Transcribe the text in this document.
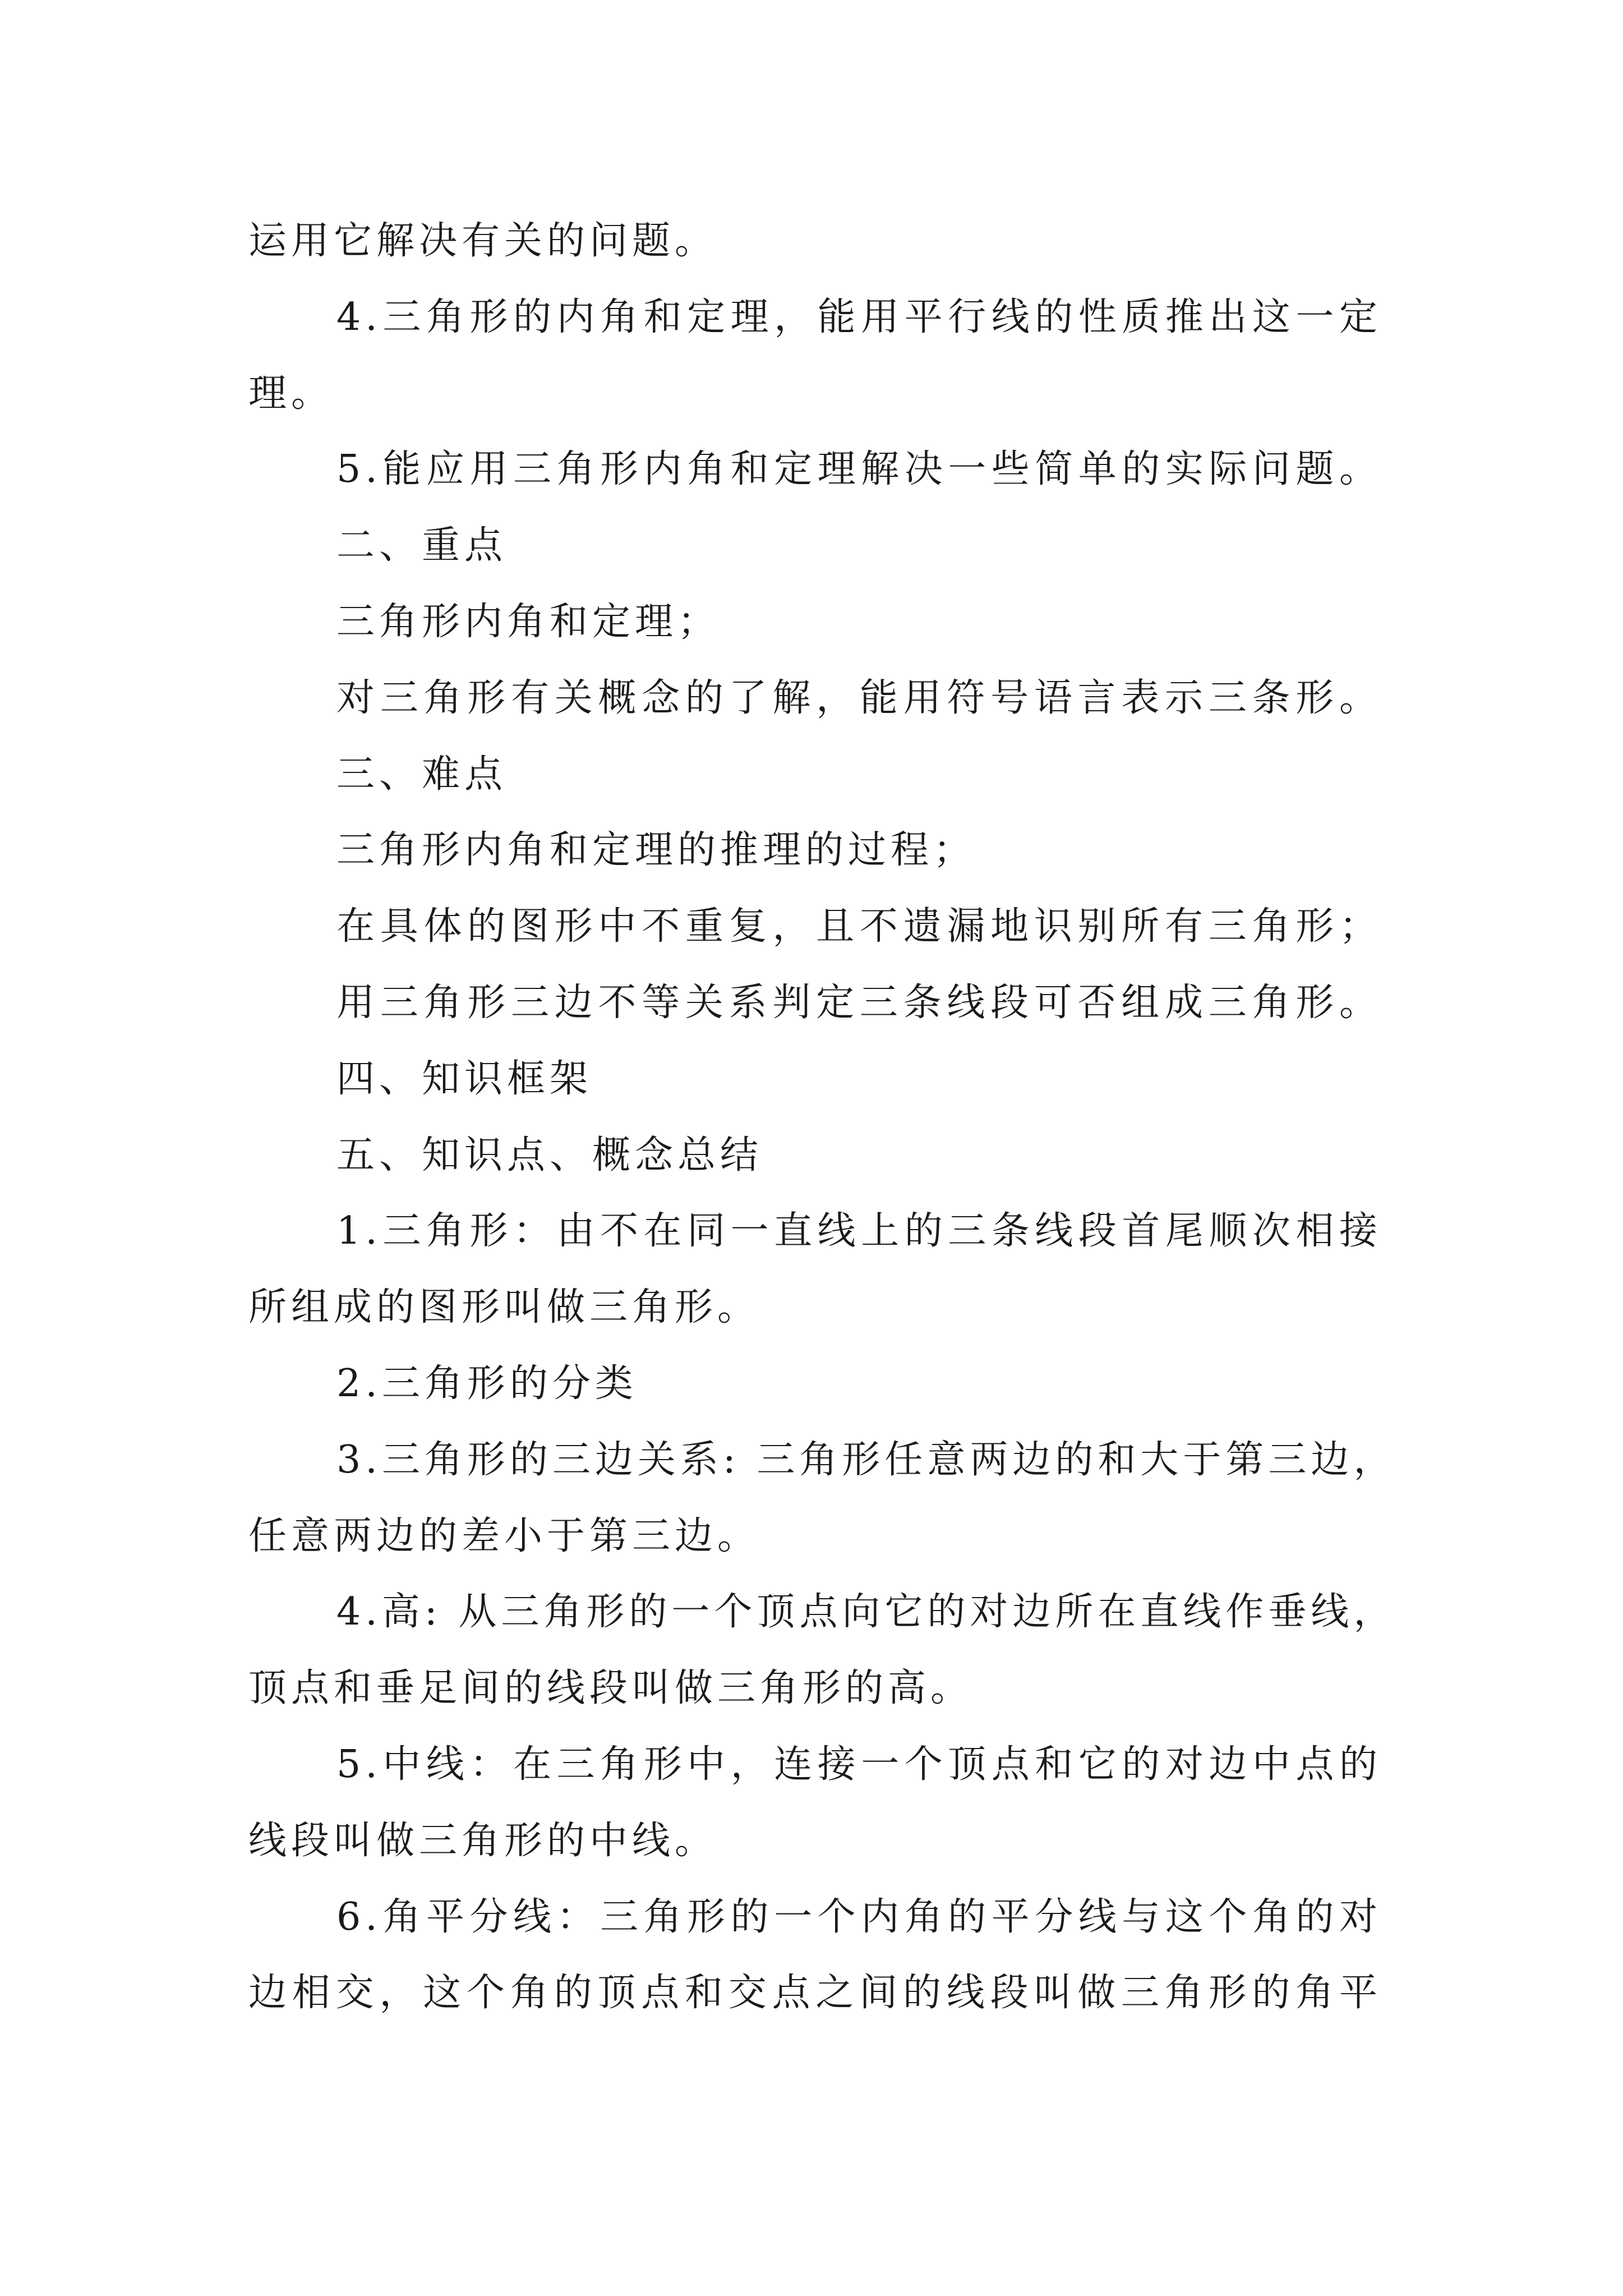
运用它解决有关的问题。
4.三角形的内角和定理，能用平行线的性质推出这一定
理。
5.能应用三角形内角和定理解决一些简单的实际问题。
二、重点
三角形内角和定理；
对三角形有关概念的了解，能用符号语言表示三条形。
三、难点
三角形内角和定理的推理的过程；
在具体的图形中不重复，且不遗漏地识别所有三角形；
用三角形三边不等关系判定三条线段可否组成三角形。
四、知识框架
五、知识点、概念总结
1.三角形：由不在同一直线上的三条线段首尾顺次相接
所组成的图形叫做三角形。
2.三角形的分类
3.三角形的三边关系: 三角形任意两边的和大于第三边，
任意两边的差小于第三边。
4.高: 从三角形的一个顶点向它的对边所在直线作垂线，
顶点和垂足间的线段叫做三角形的高。
5.中线：在三角形中，连接一个顶点和它的对边中点的
线段叫做三角形的中线。
6.角平分线：三角形的一个内角的平分线与这个角的对
边相交，这个角的顶点和交点之间的线段叫做三角形的角平
